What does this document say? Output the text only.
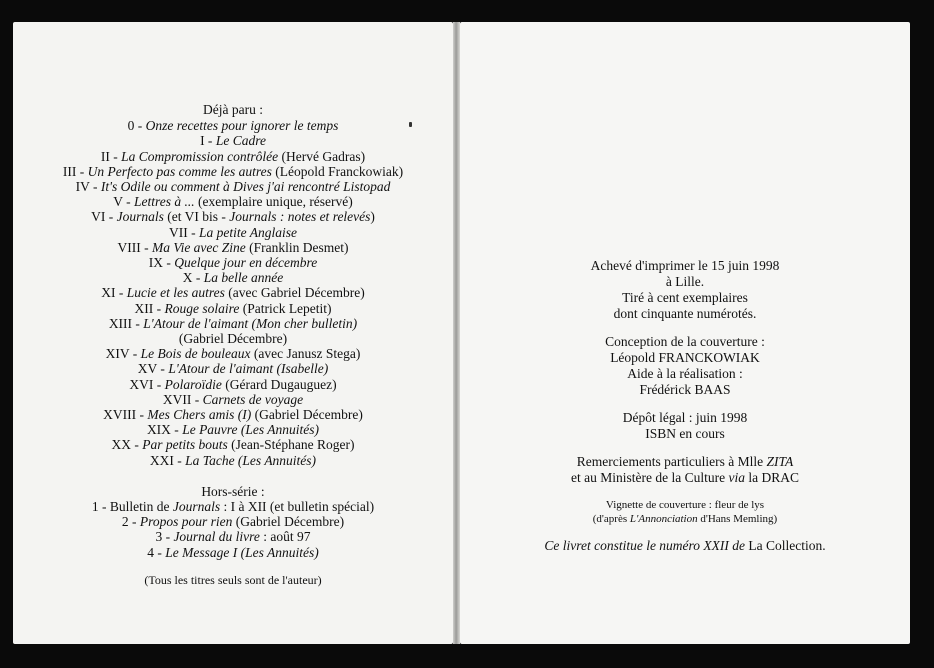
Déjà paru :
0 - Onze recettes pour ignorer le temps
I - Le Cadre
II - La Compromission contrôlée (Hervé Gadras)
III - Un Perfecto pas comme les autres (Léopold Franckowiak)
IV - It's Odile ou comment à Dives j'ai rencontré Listopad
V - Lettres à ... (exemplaire unique, réservé)
VI - Journals (et VI bis - Journals : notes et relevés)
VII - La petite Anglaise
VIII - Ma Vie avec Zine (Franklin Desmet)
IX - Quelque jour en décembre
X - La belle année
XI - Lucie et les autres (avec Gabriel Décembre)
XII - Rouge solaire (Patrick Lepetit)
XIII - L'Atour de l'aimant (Mon cher bulletin)
(Gabriel Décembre)
XIV - Le Bois de bouleaux (avec Janusz Stega)
XV - L'Atour de l'aimant (Isabelle)
XVI - Polaroïdie (Gérard Dugauguez)
XVII - Carnets de voyage
XVIII - Mes Chers amis (I) (Gabriel Décembre)
XIX - Le Pauvre (Les Annuités)
XX - Par petits bouts (Jean-Stéphane Roger)
XXI - La Tache (Les Annuités)
Hors-série :
1 - Bulletin de Journals : I à XII (et bulletin spécial)
2 - Propos pour rien (Gabriel Décembre)
3 - Journal du livre : août 97
4 - Le Message I (Les Annuités)
(Tous les titres seuls sont de l'auteur)
Achevé d'imprimer le 15 juin 1998
à Lille.
Tiré à cent exemplaires
dont cinquante numérotés.
Conception de la couverture :
Léopold FRANCKOWIAK
Aide à la réalisation :
Frédérick BAAS
Dépôt légal : juin 1998
ISBN en cours
Remerciements particuliers à Mlle ZITA
et au Ministère de la Culture via la DRAC
Vignette de couverture : fleur de lys
(d'après L'Annonciation d'Hans Memling)
Ce livret constitue le numéro XXII de La Collection.
